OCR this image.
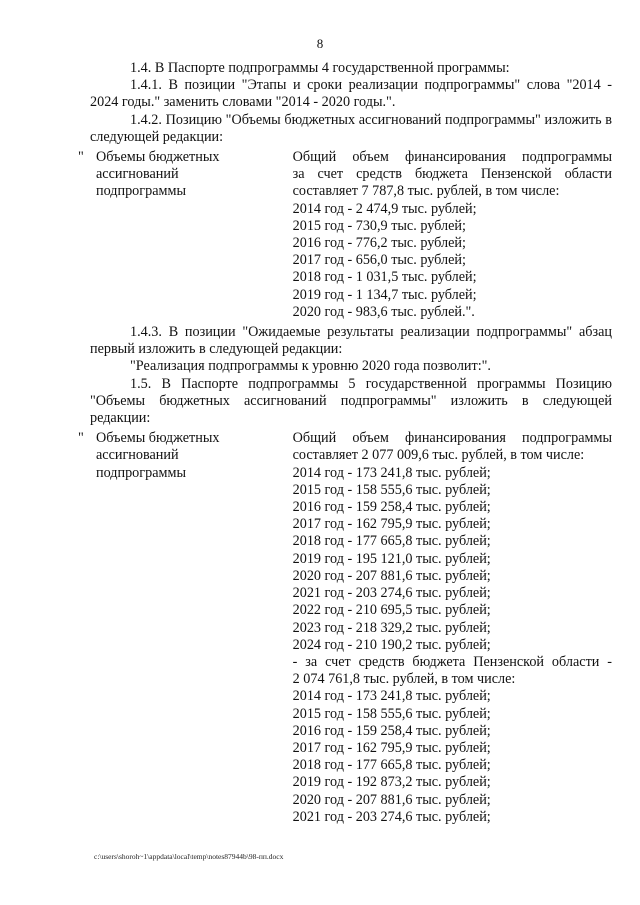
8

1.4. В Паспорте подпрограммы 4 государственной программы:

1.4.1. В позиции "Этапы и сроки реализации подпрограммы" слова "2014 - 2024 годы." заменить словами "2014 - 2020 годы.".

1.4.2. Позицию "Объемы бюджетных ассигнований подпрограммы" изложить в следующей редакции:

" Объемы бюджетных ассигнований подпрограммы
Общий объем финансирования подпрограммы
за счет средств бюджета Пензенской области
составляет 7 787,8 тыс. рублей, в том числе:
2014 год - 2 474,9 тыс. рублей;
2015 год - 730,9 тыс. рублей;
2016 год - 776,2 тыс. рублей;
2017 год - 656,0 тыс. рублей;
2018 год - 1 031,5 тыс. рублей;
2019 год - 1 134,7 тыс. рублей;
2020 год - 983,6 тыс. рублей.".

1.4.3. В позиции "Ожидаемые результаты реализации подпрограммы" абзац первый изложить в следующей редакции:

"Реализация подпрограммы к уровню 2020 года позволит:".

1.5. В Паспорте подпрограммы 5 государственной программы Позицию "Объемы бюджетных ассигнований подпрограммы" изложить в следующей редакции:

" Объемы бюджетных ассигнований подпрограммы
Общий объем финансирования подпрограммы
составляет 2 077 009,6 тыс. рублей, в том числе:
2014 год - 173 241,8 тыс. рублей;
2015 год - 158 555,6 тыс. рублей;
2016 год - 159 258,4 тыс. рублей;
2017 год - 162 795,9 тыс. рублей;
2018 год - 177 665,8 тыс. рублей;
2019 год - 195 121,0 тыс. рублей;
2020 год - 207 881,6 тыс. рублей;
2021 год - 203 274,6 тыс. рублей;
2022 год - 210 695,5 тыс. рублей;
2023 год - 218 329,2 тыс. рублей;
2024 год - 210 190,2 тыс. рублей;
- за счет средств бюджета Пензенской области -
2 074 761,8 тыс. рублей, в том числе:
2014 год - 173 241,8 тыс. рублей;
2015 год - 158 555,6 тыс. рублей;
2016 год - 159 258,4 тыс. рублей;
2017 год - 162 795,9 тыс. рублей;
2018 год - 177 665,8 тыс. рублей;
2019 год - 192 873,2 тыс. рублей;
2020 год - 207 881,6 тыс. рублей;
2021 год - 203 274,6 тыс. рублей;
c:\users\shoroh~1\appdata\local\temp\notes87944b\98-пп.docx
